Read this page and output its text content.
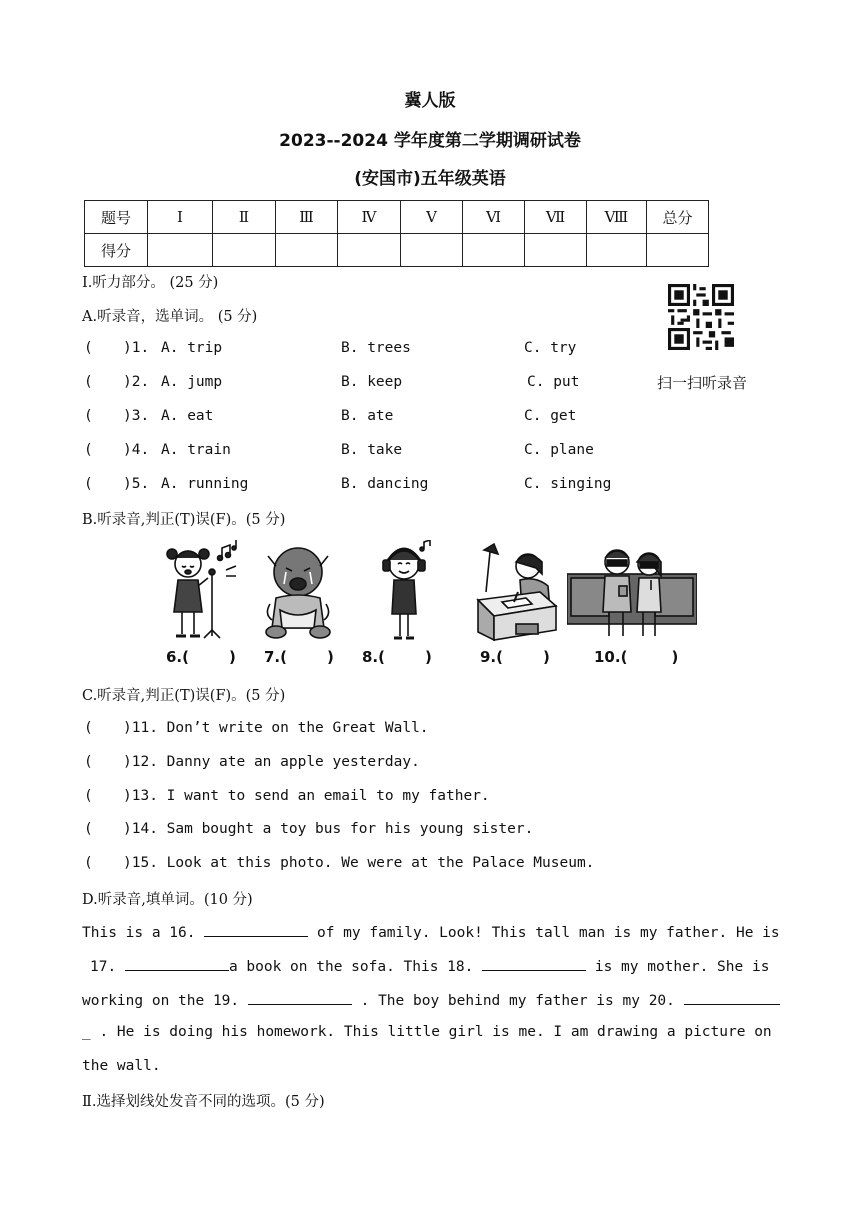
冀人版
2023--2024 学年度第二学期调研试卷
(安国市)五年级英语
题号	Ⅰ	Ⅱ	Ⅲ	Ⅳ	Ⅴ	Ⅵ	Ⅶ	Ⅷ	总分
得分									
Ⅰ.听力部分。 (25 分)
A.听录音，选单词。 (5 分)
扫一扫听录音
( )1. A. trip	B. trees	C. try
( )2. A. jump	B. keep	C. put
( )3. A. eat	B. ate	C. get
( )4. A. train	B. take	C. plane
( )5. A. running	B. dancing	C. singing
B.听录音,判正(T)误(F)。(5 分)
6.(	) 7.(	) 8.(	)	9.(	)	10.(	)
C.听录音,判正(T)误(F)。(5 分)
( )11. Don’t write on the Great Wall.
( )12. Danny ate an apple yesterday.
( )13. I want to send an email to my father.
( )14. Sam bought a toy bus for his young sister.
( )15. Look at this photo. We were at the Palace Museum.
D.听录音,填单词。(10 分)
This is a 16.	of my family. Look! This tall man is my father. He is
17.	a book on the sofa. This 18.	is my mother. She is
working on the 19.	. The boy behind my father is my 20.
_ . He is doing his homework. This little girl is me. I am drawing a picture on
the wall.
Ⅱ.选择划线处发音不同的选项。(5 分)
